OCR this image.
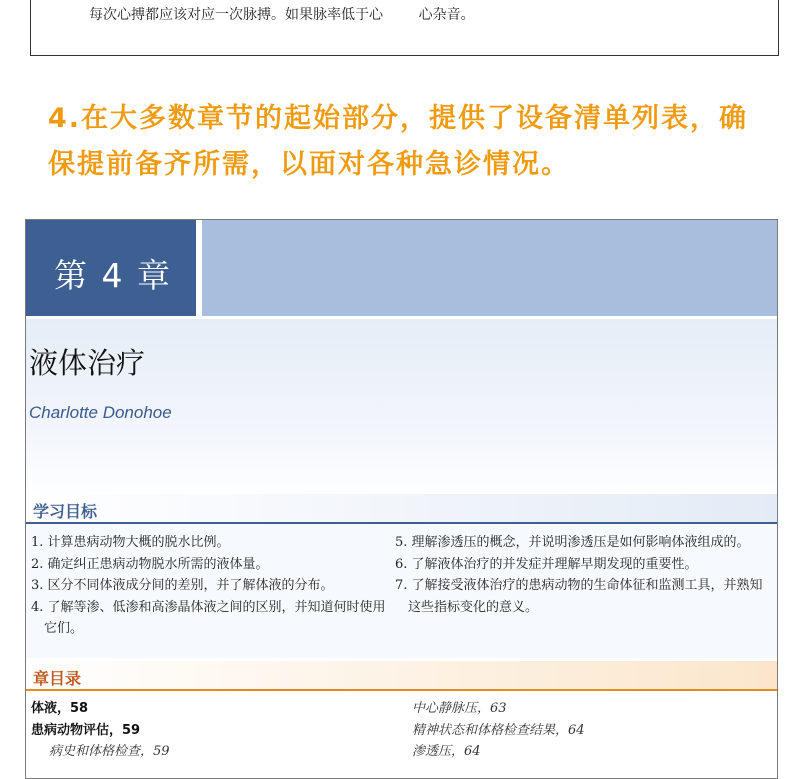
每次心搏都应该对应一次脉搏。如果脉率低于心        心杂音。
4.在大多数章节的起始部分，提供了设备清单列表，确保提前备齐所需，以面对各种急诊情况。
第 4 章
液体治疗
Charlotte Donohoe
学习目标

1. 计算患病动物大概的脱水比例。

2. 确定纠正患病动物脱水所需的液体量。

3. 区分不同体液成分间的差别，并了解体液的分布。

4. 了解等渗、低渗和高渗晶体液之间的区别，并知道何时使用它们。

5. 理解渗透压的概念，并说明渗透压是如何影响体液组成的。

6. 了解液体治疗的并发症并理解早期发现的重要性。

7. 了解接受液体治疗的患病动物的生命体征和监测工具，并熟知这些指标变化的意义。

章目录

体液，58

患病动物评估，59

病史和体格检查，59

中心静脉压，63

精神状态和体格检查结果，64

渗透压，64
